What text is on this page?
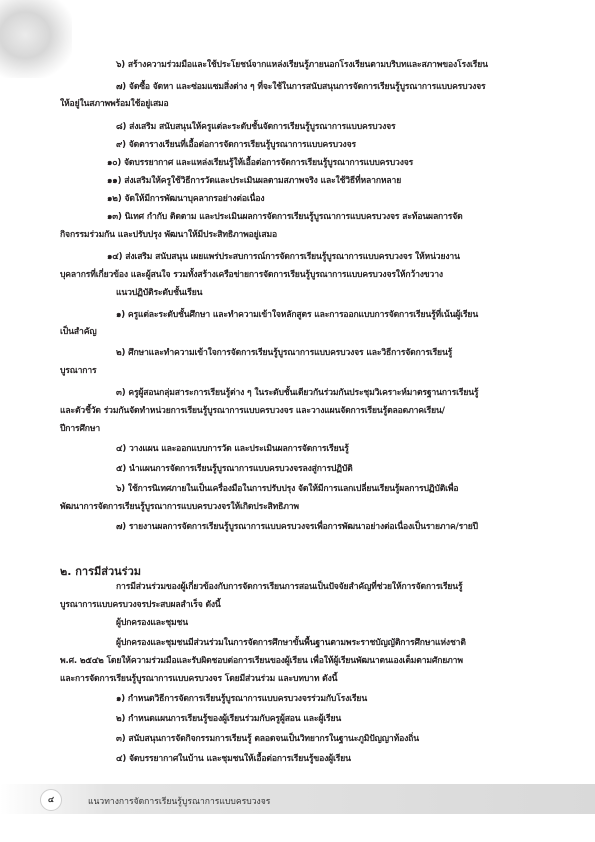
๖) สร้างความร่วมมือและใช้ประโยชน์จากแหล่งเรียนรู้ภายนอกโรงเรียนตามบริบทและสภาพของโรงเรียน
๗) จัดซื้อ จัดหา และซ่อมแซมสิ่งต่าง ๆ ที่จะใช้ในการสนับสนุนการจัดการเรียนรู้บูรณาการแบบครบวงจร
ให้อยู่ในสภาพพร้อมใช้อยู่เสมอ
๘) ส่งเสริม สนับสนุนให้ครูแต่ละระดับชั้นจัดการเรียนรู้บูรณาการแบบครบวงจร
๙) จัดตารางเรียนที่เอื้อต่อการจัดการเรียนรู้บูรณาการแบบครบวงจร
๑๐) จัดบรรยากาศ และแหล่งเรียนรู้ให้เอื้อต่อการจัดการเรียนรู้บูรณาการแบบครบวงจร
๑๑) ส่งเสริมให้ครูใช้วิธีการวัดและประเมินผลตามสภาพจริง และใช้วิธีที่หลากหลาย
๑๒) จัดให้มีการพัฒนาบุคลากรอย่างต่อเนื่อง
๑๓) นิเทศ กำกับ ติดตาม และประเมินผลการจัดการเรียนรู้บูรณาการแบบครบวงจร สะท้อนผลการจัด
กิจกรรมร่วมกัน และปรับปรุง พัฒนาให้มีประสิทธิภาพอยู่เสมอ
๑๔) ส่งเสริม สนับสนุน เผยแพร่ประสบการณ์การจัดการเรียนรู้บูรณาการแบบครบวงจร ให้หน่วยงาน
บุคลากรที่เกี่ยวข้อง และผู้สนใจ รวมทั้งสร้างเครือข่ายการจัดการเรียนรู้บูรณาการแบบครบวงจรให้กว้างขวาง
แนวปฏิบัติระดับชั้นเรียน
๑) ครูแต่ละระดับชั้นศึกษา และทำความเข้าใจหลักสูตร และการออกแบบการจัดการเรียนรู้ที่เน้นผู้เรียน
เป็นสำคัญ
๒) ศึกษาและทำความเข้าใจการจัดการเรียนรู้บูรณาการแบบครบวงจร และวิธีการจัดการเรียนรู้
บูรณาการ
๓) ครูผู้สอนกลุ่มสาระการเรียนรู้ต่าง ๆ ในระดับชั้นเดียวกันร่วมกันประชุมวิเคราะห์มาตรฐานการเรียนรู้
และตัวชี้วัด ร่วมกันจัดทำหน่วยการเรียนรู้บูรณาการแบบครบวงจร และวางแผนจัดการเรียนรู้ตลอดภาคเรียน/
ปีการศึกษา
๔) วางแผน และออกแบบการวัด และประเมินผลการจัดการเรียนรู้
๕) นำแผนการจัดการเรียนรู้บูรณาการแบบครบวงจรลงสู่การปฏิบัติ
๖) ใช้การนิเทศภายในเป็นเครื่องมือในการปรับปรุง จัดให้มีการแลกเปลี่ยนเรียนรู้ผลการปฏิบัติเพื่อ
พัฒนาการจัดการเรียนรู้บูรณาการแบบครบวงจรให้เกิดประสิทธิภาพ
๗) รายงานผลการจัดการเรียนรู้บูรณาการแบบครบวงจรเพื่อการพัฒนาอย่างต่อเนื่องเป็นรายภาค/รายปี
๒. การมีส่วนร่วม
การมีส่วนร่วมของผู้เกี่ยวข้องกับการจัดการเรียนการสอนเป็นปัจจัยสำคัญที่ช่วยให้การจัดการเรียนรู้
บูรณาการแบบครบวงจรประสบผลสำเร็จ ดังนี้
ผู้ปกครองและชุมชน
ผู้ปกครองและชุมชนมีส่วนร่วมในการจัดการศึกษาขั้นพื้นฐานตามพระราชบัญญัติการศึกษาแห่งชาติ
พ.ศ. ๒๕๔๒ โดยให้ความร่วมมือและรับผิดชอบต่อการเรียนของผู้เรียน เพื่อให้ผู้เรียนพัฒนาตนเองเต็มตามศักยภาพ
และการจัดการเรียนรู้บูรณาการแบบครบวงจร โดยมีส่วนร่วม และบทบาท ดังนี้
๑) กำหนดวิธีการจัดการเรียนรู้บูรณาการแบบครบวงจรร่วมกับโรงเรียน
๒) กำหนดแผนการเรียนรู้ของผู้เรียนร่วมกับครูผู้สอน และผู้เรียน
๓) สนับสนุนการจัดกิจกรรมการเรียนรู้ ตลอดจนเป็นวิทยากรในฐานะภูมิปัญญาท้องถิ่น
๔) จัดบรรยากาศในบ้าน และชุมชนให้เอื้อต่อการเรียนรู้ของผู้เรียน
๔	แนวทางการจัดการเรียนรู้บูรณาการแบบครบวงจร
